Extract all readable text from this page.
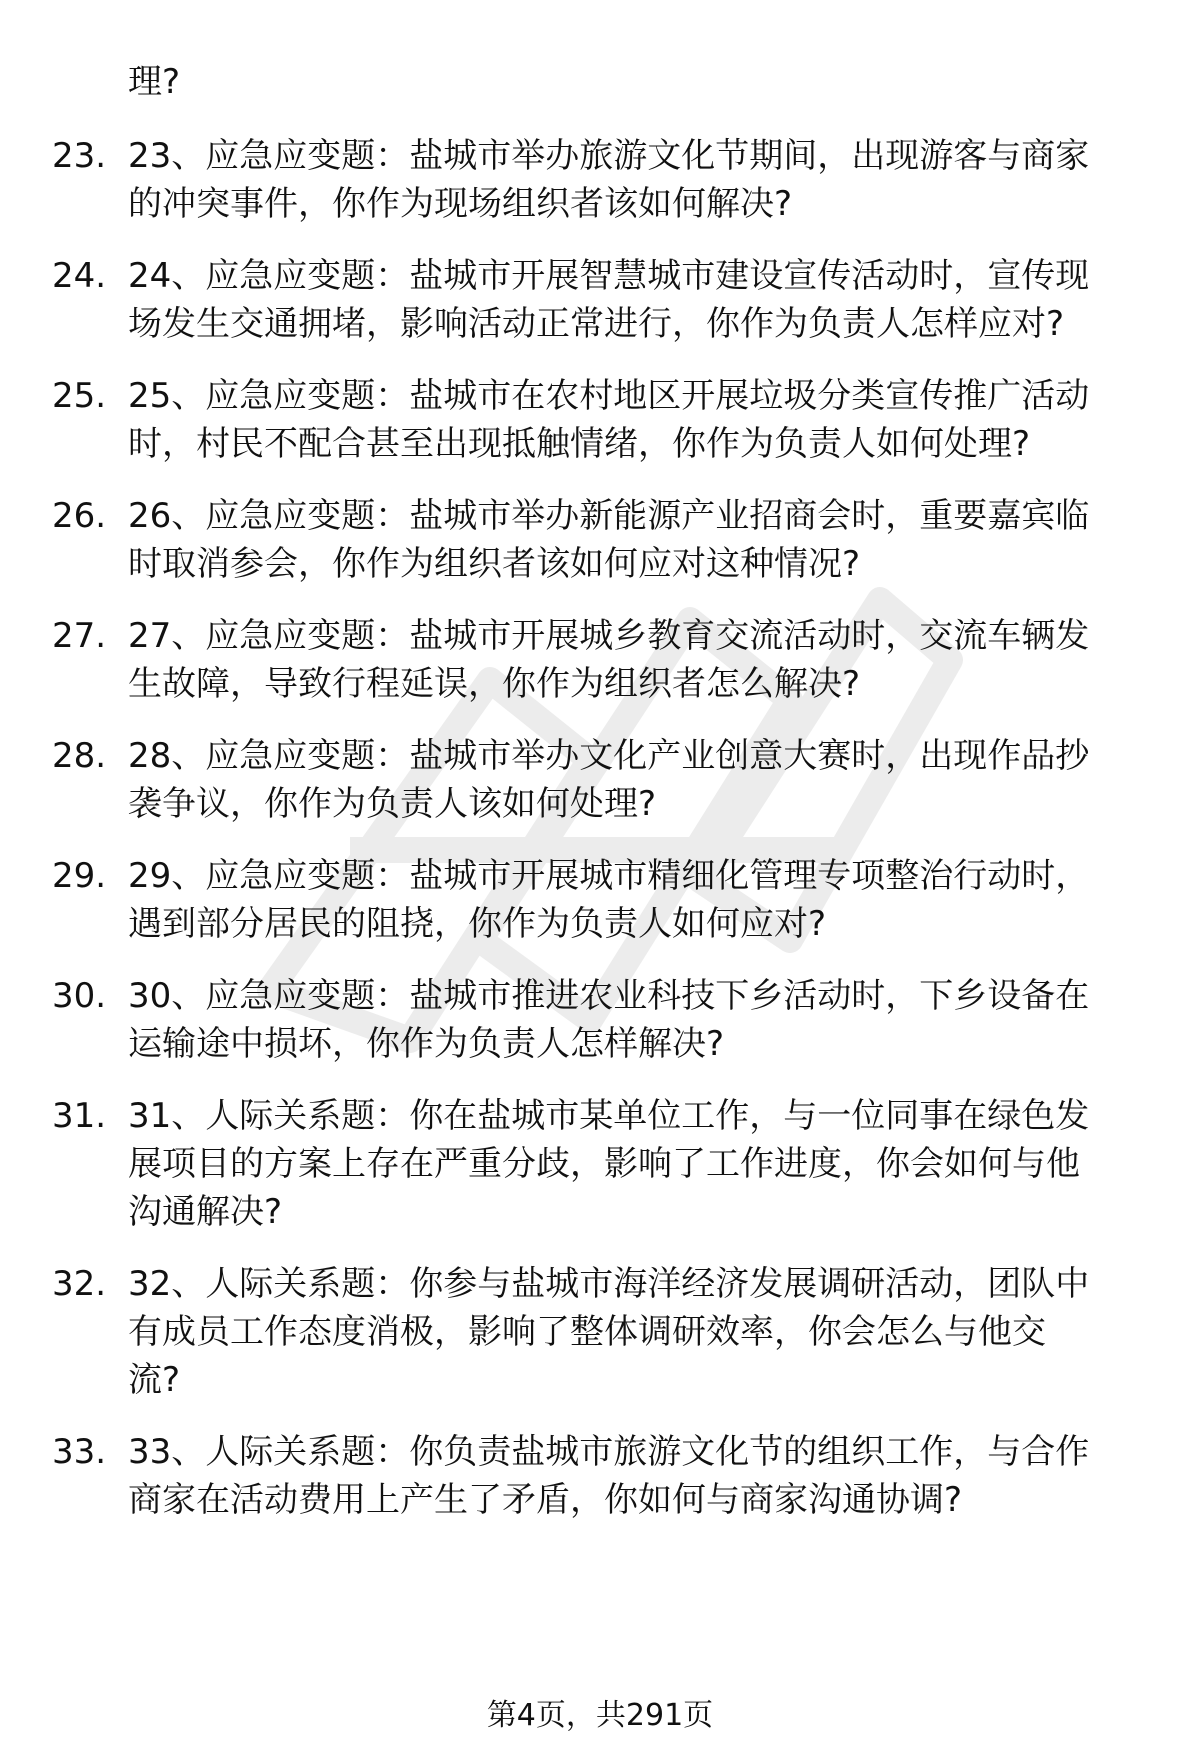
理?
23. 23、应急应变题：盐城市举办旅游文化节期间，出现游客与商家
的冲突事件，你作为现场组织者该如何解决?
24. 24、应急应变题：盐城市开展智慧城市建设宣传活动时，宣传现
场发生交通拥堵，影响活动正常进行，你作为负责人怎样应对?
25. 25、应急应变题：盐城市在农村地区开展垃圾分类宣传推广活动
时，村民不配合甚至出现抵触情绪，你作为负责人如何处理?
26. 26、应急应变题：盐城市举办新能源产业招商会时，重要嘉宾临
时取消参会，你作为组织者该如何应对这种情况?
27. 27、应急应变题：盐城市开展城乡教育交流活动时，交流车辆发
生故障，导致行程延误，你作为组织者怎么解决?
28. 28、应急应变题：盐城市举办文化产业创意大赛时，出现作品抄
袭争议，你作为负责人该如何处理?
29. 29、应急应变题：盐城市开展城市精细化管理专项整治行动时，
遇到部分居民的阻挠，你作为负责人如何应对?
30. 30、应急应变题：盐城市推进农业科技下乡活动时，下乡设备在
运输途中损坏，你作为负责人怎样解决?
31. 31、人际关系题：你在盐城市某单位工作，与一位同事在绿色发
展项目的方案上存在严重分歧，影响了工作进度，你会如何与他
沟通解决?
32. 32、人际关系题：你参与盐城市海洋经济发展调研活动，团队中
有成员工作态度消极，影响了整体调研效率，你会怎么与他交
流?
33. 33、人际关系题：你负责盐城市旅游文化节的组织工作，与合作
商家在活动费用上产生了矛盾，你如何与商家沟通协调?
第4页，共291页
